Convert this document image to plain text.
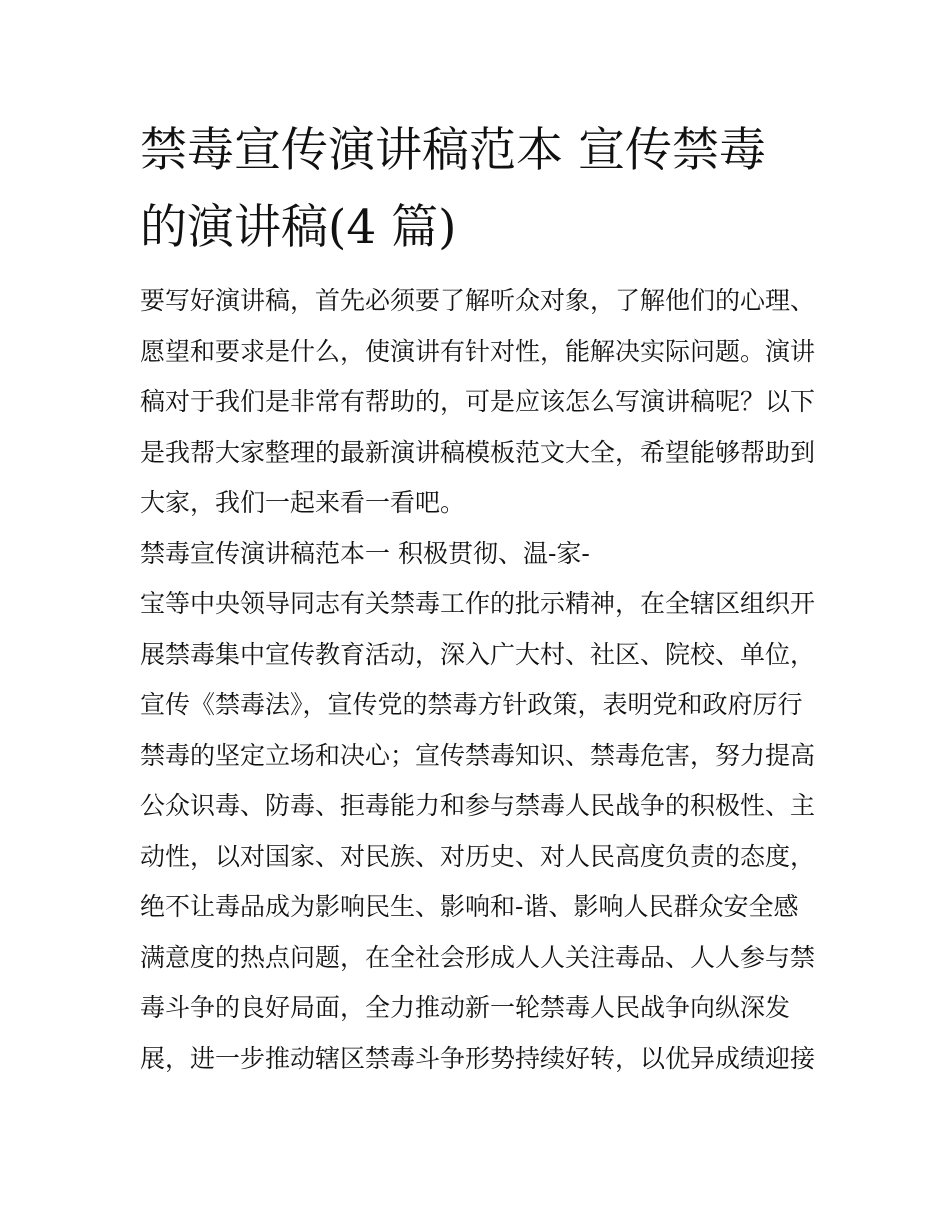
禁毒宣传演讲稿范本 宣传禁毒
的演讲稿(4 篇)
要写好演讲稿，首先必须要了解听众对象，了解他们的心理、
愿望和要求是什么，使演讲有针对性，能解决实际问题。演讲
稿对于我们是非常有帮助的，可是应该怎么写演讲稿呢？以下
是我帮大家整理的最新演讲稿模板范文大全，希望能够帮助到
大家，我们一起来看一看吧。
禁毒宣传演讲稿范本一 积极贯彻、温-家-
宝等中央领导同志有关禁毒工作的批示精神，在全辖区组织开
展禁毒集中宣传教育活动，深入广大村、社区、院校、单位，
宣传《禁毒法》，宣传党的禁毒方针政策，表明党和政府厉行
禁毒的坚定立场和决心；宣传禁毒知识、禁毒危害，努力提高
公众识毒、防毒、拒毒能力和参与禁毒人民战争的积极性、主
动性，以对国家、对民族、对历史、对人民高度负责的态度，
绝不让毒品成为影响民生、影响和-谐、影响人民群众安全感
满意度的热点问题，在全社会形成人人关注毒品、人人参与禁
毒斗争的良好局面，全力推动新一轮禁毒人民战争向纵深发
展，进一步推动辖区禁毒斗争形势持续好转，以优异成绩迎接
